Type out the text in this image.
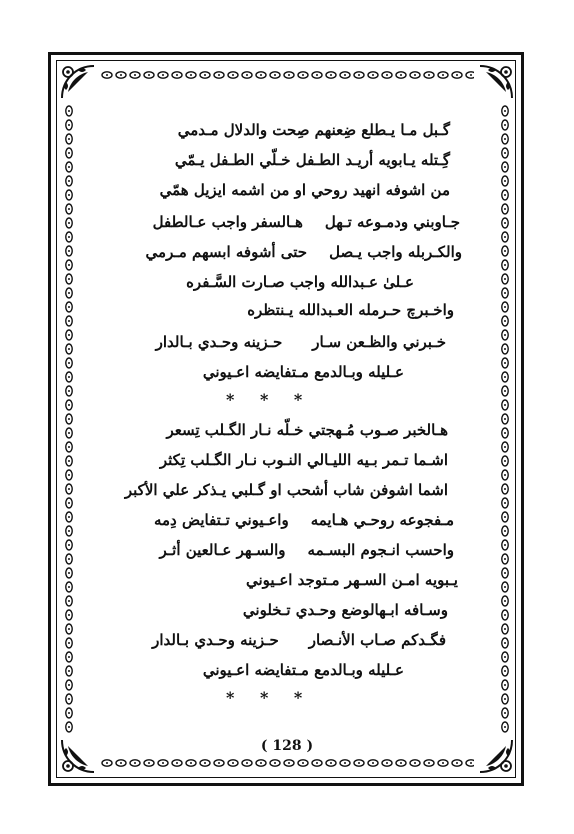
گـبل مـا يـطلع ضِعنهم صِحت والدلال مـدمي
گِـتله يـابويه أريـد الطـفل خـلّي الطـفل يـمّي
من اشوفه انهيد روحي او من اشمه ايزيل همّي
جـاوبني ودمـوعه تـهلهـالسفر واجب عـالطفل
والكـربله واجب يـصلحتى أشوفه ابسهم مـرمي
عـلىٰ عـبدالله واجب صـارت السَّـفره
واخـبرچ حـرمله العـبدالله يـنتظره
خـبرني والظـعن سـارحـزينه وحـدي بـالدار
عـليله وبـالدمع مـتفايضه اعـيوني
* * *
هـالخبر صـوب مُـهجتي خـلّه نـار الگـلب تِسعر
اشـما تـمر بـيه الليـالي النـوب نـار الگـلب تِكثر
اشما اشوفن شاب أشحب او گـلبي يـذكر علي الأكبر
مـفجوعه روحـي هـايمهواعـيوني تـتفايض دِمه
واحسب انـجوم البسـمهوالسـهر عـالعين أثـر
يـبويه امـن السـهر مـتوجد اعـيوني
وسـافه ابـهالوضع وحـدي تـخلوني
فگـدكم صـاب الأنـصارحـزينه وحـدي بـالدار
عـليله وبـالدمع مـتفايضه اعـيوني
* * *
( 128 )
